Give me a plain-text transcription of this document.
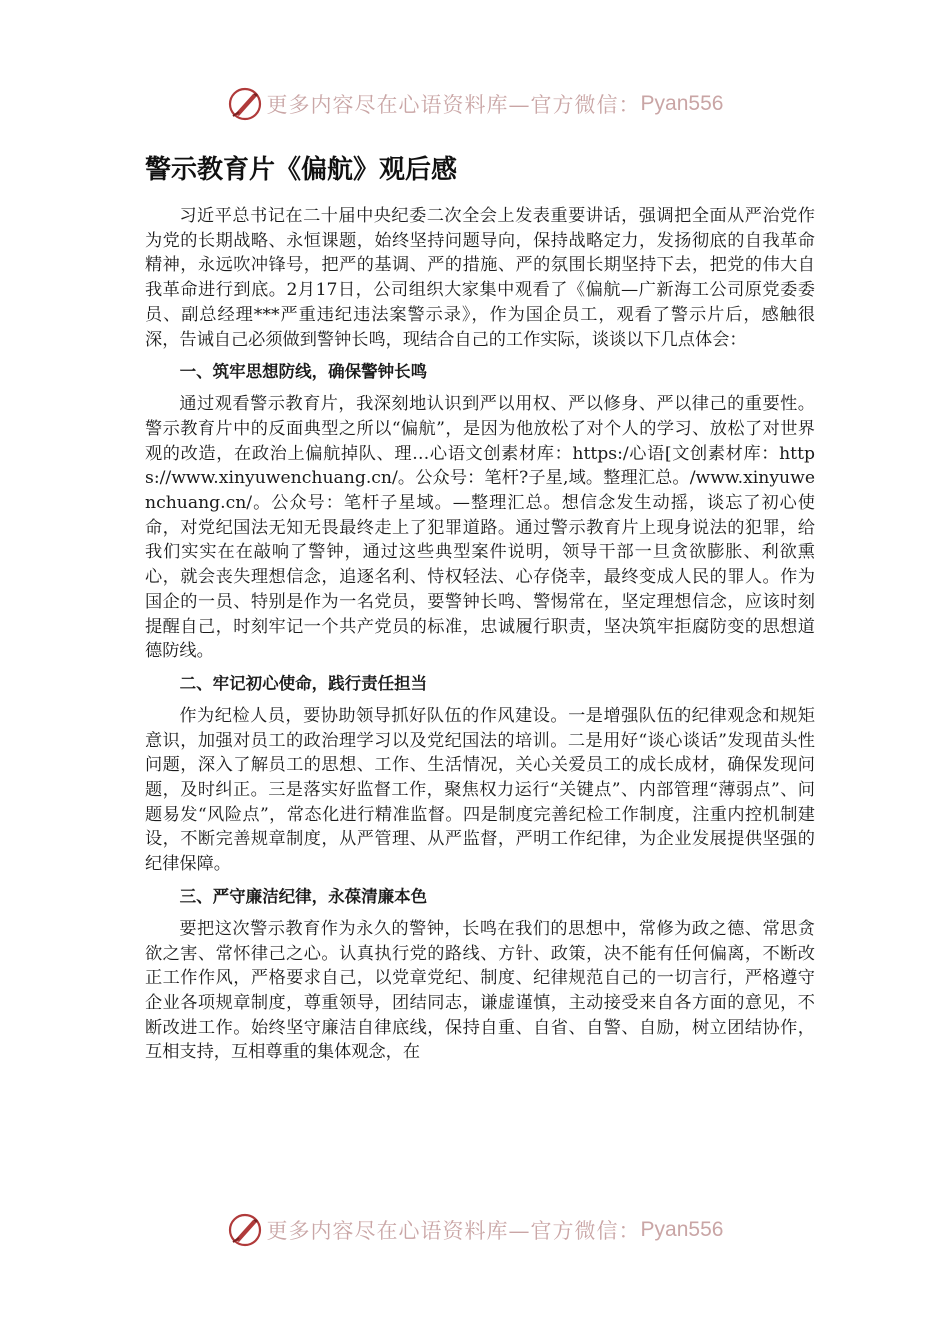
更多内容尽在心语资料库—官方微信： Pyan556
警示教育片《偏航》观后感

习近平总书记在二十届中央纪委二次全会上发表重要讲话，强调把全面从严治党作为党的长期战略、永恒课题，始终坚持问题导向，保持战略定力，发扬彻底的自我革命精神，永远吹冲锋号，把严的基调、严的措施、严的氛围长期坚持下去，把党的伟大自我革命进行到底。2月17日，公司组织大家集中观看了《偏航—广新海工公司原党委委员、副总经理***严重违纪违法案警示录》，作为国企员工，观看了警示片后，感触很深，告诫自己必须做到警钟长鸣，现结合自己的工作实际，谈谈以下几点体会：

一、筑牢思想防线，确保警钟长鸣

通过观看警示教育片，我深刻地认识到严以用权、严以修身、严以律己的重要性。警示教育片中的反面典型之所以“偏航”，是因为他放松了对个人的学习、放松了对世界观的改造，在政治上偏航掉队、理…心语文创素材库：https:/心语[文创素材库：https://www.xinyuwenchuang.cn/。公众号：笔杆?子星,域。整理汇总。/www.xinyuwenchuang.cn/。公众号：笔杆子星域。—整理汇总。想信念发生动摇，谈忘了初心使命，对党纪国法无知无畏最终走上了犯罪道路。通过警示教育片上现身说法的犯罪，给我们实实在在敲响了警钟，通过这些典型案件说明，领导干部一旦贪欲膨胀、利欲熏心，就会丧失理想信念，追逐名利、恃权轻法、心存侥幸，最终变成人民的罪人。作为国企的一员、特别是作为一名党员，要警钟长鸣、警惕常在，坚定理想信念，应该时刻提醒自己，时刻牢记一个共产党员的标准，忠诚履行职责，坚决筑牢拒腐防变的思想道德防线。

二、牢记初心使命，践行责任担当

作为纪检人员，要协助领导抓好队伍的作风建设。一是增强队伍的纪律观念和规矩意识，加强对员工的政治理学习以及党纪国法的培训。二是用好“谈心谈话”发现苗头性问题，深入了解员工的思想、工作、生活情况，关心关爱员工的成长成材，确保发现问题，及时纠正。三是落实好监督工作，聚焦权力运行“关键点”、内部管理“薄弱点”、问题易发“风险点”，常态化进行精准监督。四是制度完善纪检工作制度，注重内控机制建设，不断完善规章制度，从严管理、从严监督，严明工作纪律，为企业发展提供坚强的纪律保障。

三、严守廉洁纪律，永葆清廉本色

要把这次警示教育作为永久的警钟，长鸣在我们的思想中，常修为政之德、常思贪欲之害、常怀律己之心。认真执行党的路线、方针、政策，决不能有任何偏离，不断改正工作作风，严格要求自己，以党章党纪、制度、纪律规范自己的一切言行，严格遵守企业各项规章制度，尊重领导，团结同志，谦虚谨慎，主动接受来自各方面的意见，不断改进工作。始终坚守廉洁自律底线，保持自重、自省、自警、自励，树立团结协作，互相支持，互相尊重的集体观念，在

更多内容尽在心语资料库—官方微信： Pyan556
